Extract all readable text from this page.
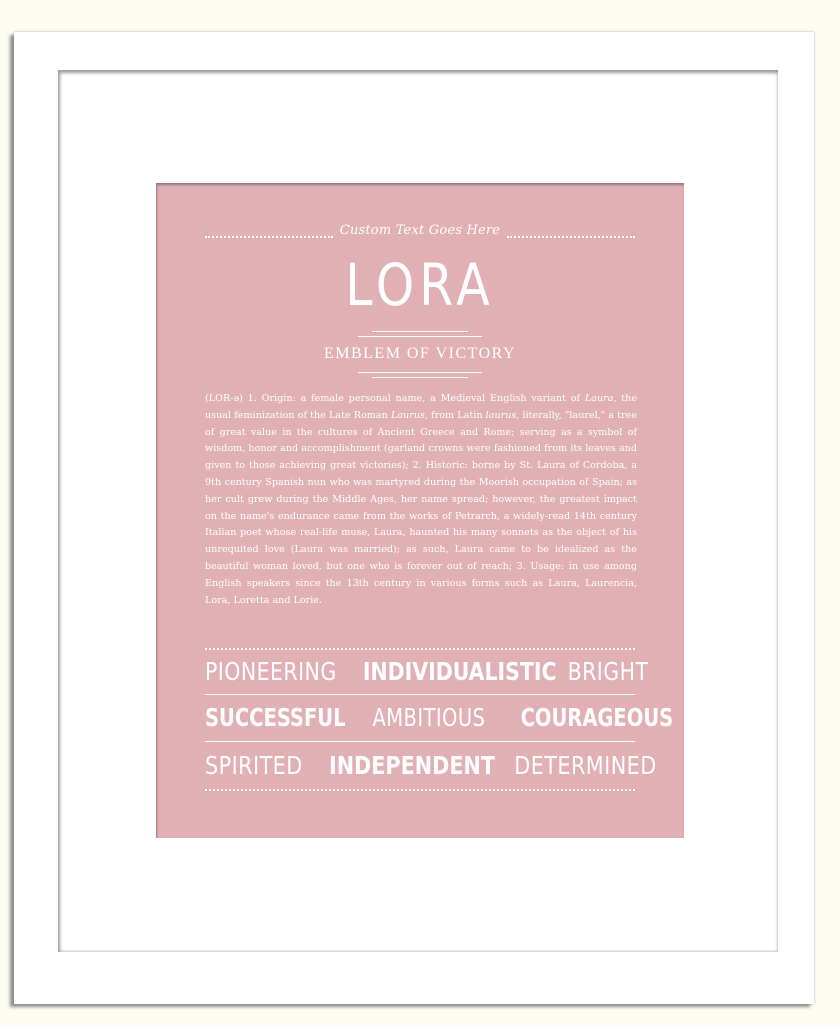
Custom Text Goes Here
LORA
EMBLEM OF VICTORY
(LOR-ə) 1. Origin: a female personal name, a Medieval English variant of Laura, the usual feminization of the Late Roman Laurus, from Latin laurus, literally, "laurel," a tree of great value in the cultures of Ancient Greece and Rome; serving as a symbol of wisdom, honor and accomplishment (garland crowns were fashioned from its leaves and given to those achieving great victories); 2. Historic: borne by St. Laura of Cordoba, a 9th century Spanish nun who was martyred during the Moorish occupation of Spain; as her cult grew during the Middle Ages, her name spread; however, the greatest impact on the name's endurance came from the works of Petrarch, a widely-read 14th century Italian poet whose real-life muse, Laura, haunted his many sonnets as the object of his unrequited love (Laura was married); as such, Laura came to be idealized as the beautiful woman loved, but one who is forever out of reach; 3. Usage: in use among English speakers since the 13th century in various forms such as Laura, Laurencia, Lora, Loretta and Lorie.
PIONEERING INDIVIDUALISTIC BRIGHT
SUCCESSFUL AMBITIOUS COURAGEOUS
SPIRITED INDEPENDENT DETERMINED
